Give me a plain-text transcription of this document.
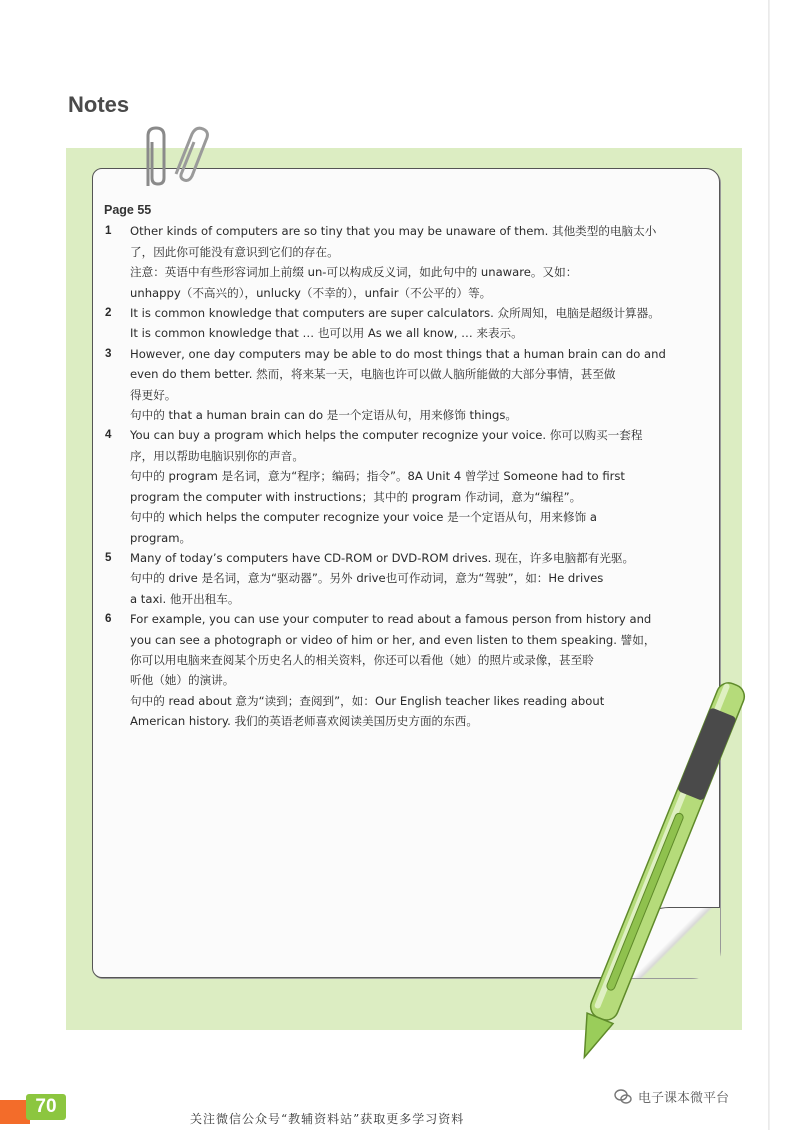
Notes
Page 55
1 Other kinds of computers are so tiny that you may be unaware of them. 其他类型的电脑太小
了，因此你可能没有意识到它们的存在。
注意：英语中有些形容词加上前缀 un-可以构成反义词，如此句中的 unaware。又如：
unhappy（不高兴的），unlucky（不幸的），unfair（不公平的）等。
2 It is common knowledge that computers are super calculators. 众所周知，电脑是超级计算器。
It is common knowledge that … 也可以用 As we all know, … 来表示。
3 However, one day computers may be able to do most things that a human brain can do and
even do them better. 然而，将来某一天，电脑也许可以做人脑所能做的大部分事情，甚至做
得更好。
句中的 that a human brain can do 是一个定语从句，用来修饰 things。
4 You can buy a program which helps the computer recognize your voice. 你可以购买一套程
序，用以帮助电脑识别你的声音。
句中的 program 是名词，意为“程序；编码；指令”。8A Unit 4 曾学过 Someone had to first
program the computer with instructions；其中的 program 作动词，意为“编程”。
句中的 which helps the computer recognize your voice 是一个定语从句，用来修饰 a
program。
5 Many of today’s computers have CD-ROM or DVD-ROM drives. 现在，许多电脑都有光驱。
句中的 drive 是名词，意为“驱动器”。另外 drive也可作动词，意为“驾驶”，如：He drives
a taxi. 他开出租车。
6 For example, you can use your computer to read about a famous person from history and
you can see a photograph or video of him or her, and even listen to them speaking. 譬如，
你可以用电脑来查阅某个历史名人的相关资料，你还可以看他（她）的照片或录像，甚至聆
听他（她）的演讲。
句中的 read about 意为“读到；查阅到”，如：Our English teacher likes reading about
American history. 我们的英语老师喜欢阅读美国历史方面的东西。
70
关注微信公众号“教辅资料站”获取更多学习资料
电子课本微平台
